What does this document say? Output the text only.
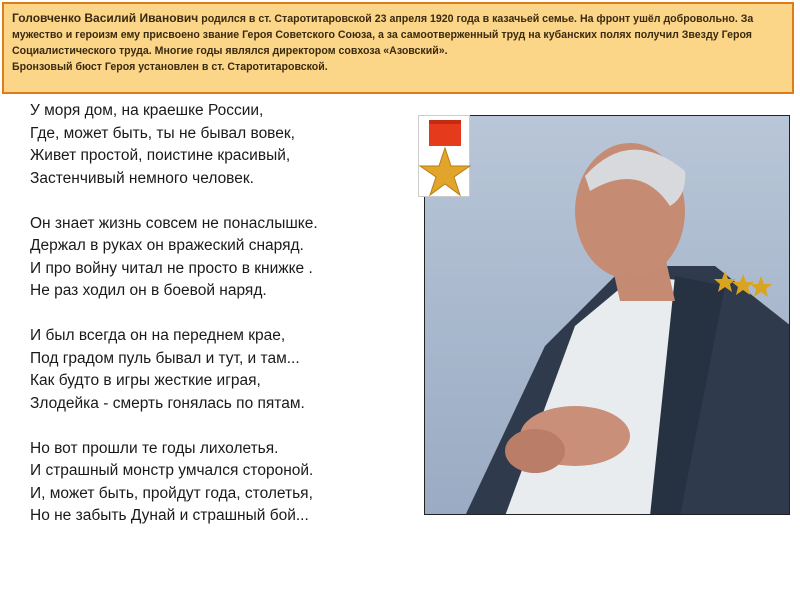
Головченко Василий Иванович родился в ст. Старотитаровской 23 апреля 1920 года в казачьей семье. На фронт ушёл добровольно. За мужество и героизм ему присвоено звание Героя Советского Союза, а за самоотверженный труд на кубанских полях получил Звезду Героя Социалистического труда. Многие годы являлся директором совхоза «Азовский».
Бронзовый бюст Героя установлен в ст. Старотитаровской.
У моря дом, на краешке России,
Где, может быть, ты не бывал вовек,
Живет простой, поистине красивый,
Застенчивый немного человек.
Он знает жизнь совсем не понаслышке.
Держал в руках он вражеский снаряд.
И про войну читал не просто в книжке .
Не раз ходил он в боевой наряд.
И был всегда он на переднем крае,
Под градом пуль бывал и тут, и там...
Как будто в игры жесткие играя,
Злодейка - смерть гонялась по пятам.
Но вот прошли те годы лихолетья.
И страшный монстр умчался стороной.
И, может быть, пройдут года, столетья,
Но не забыть Дунай и страшный бой...
